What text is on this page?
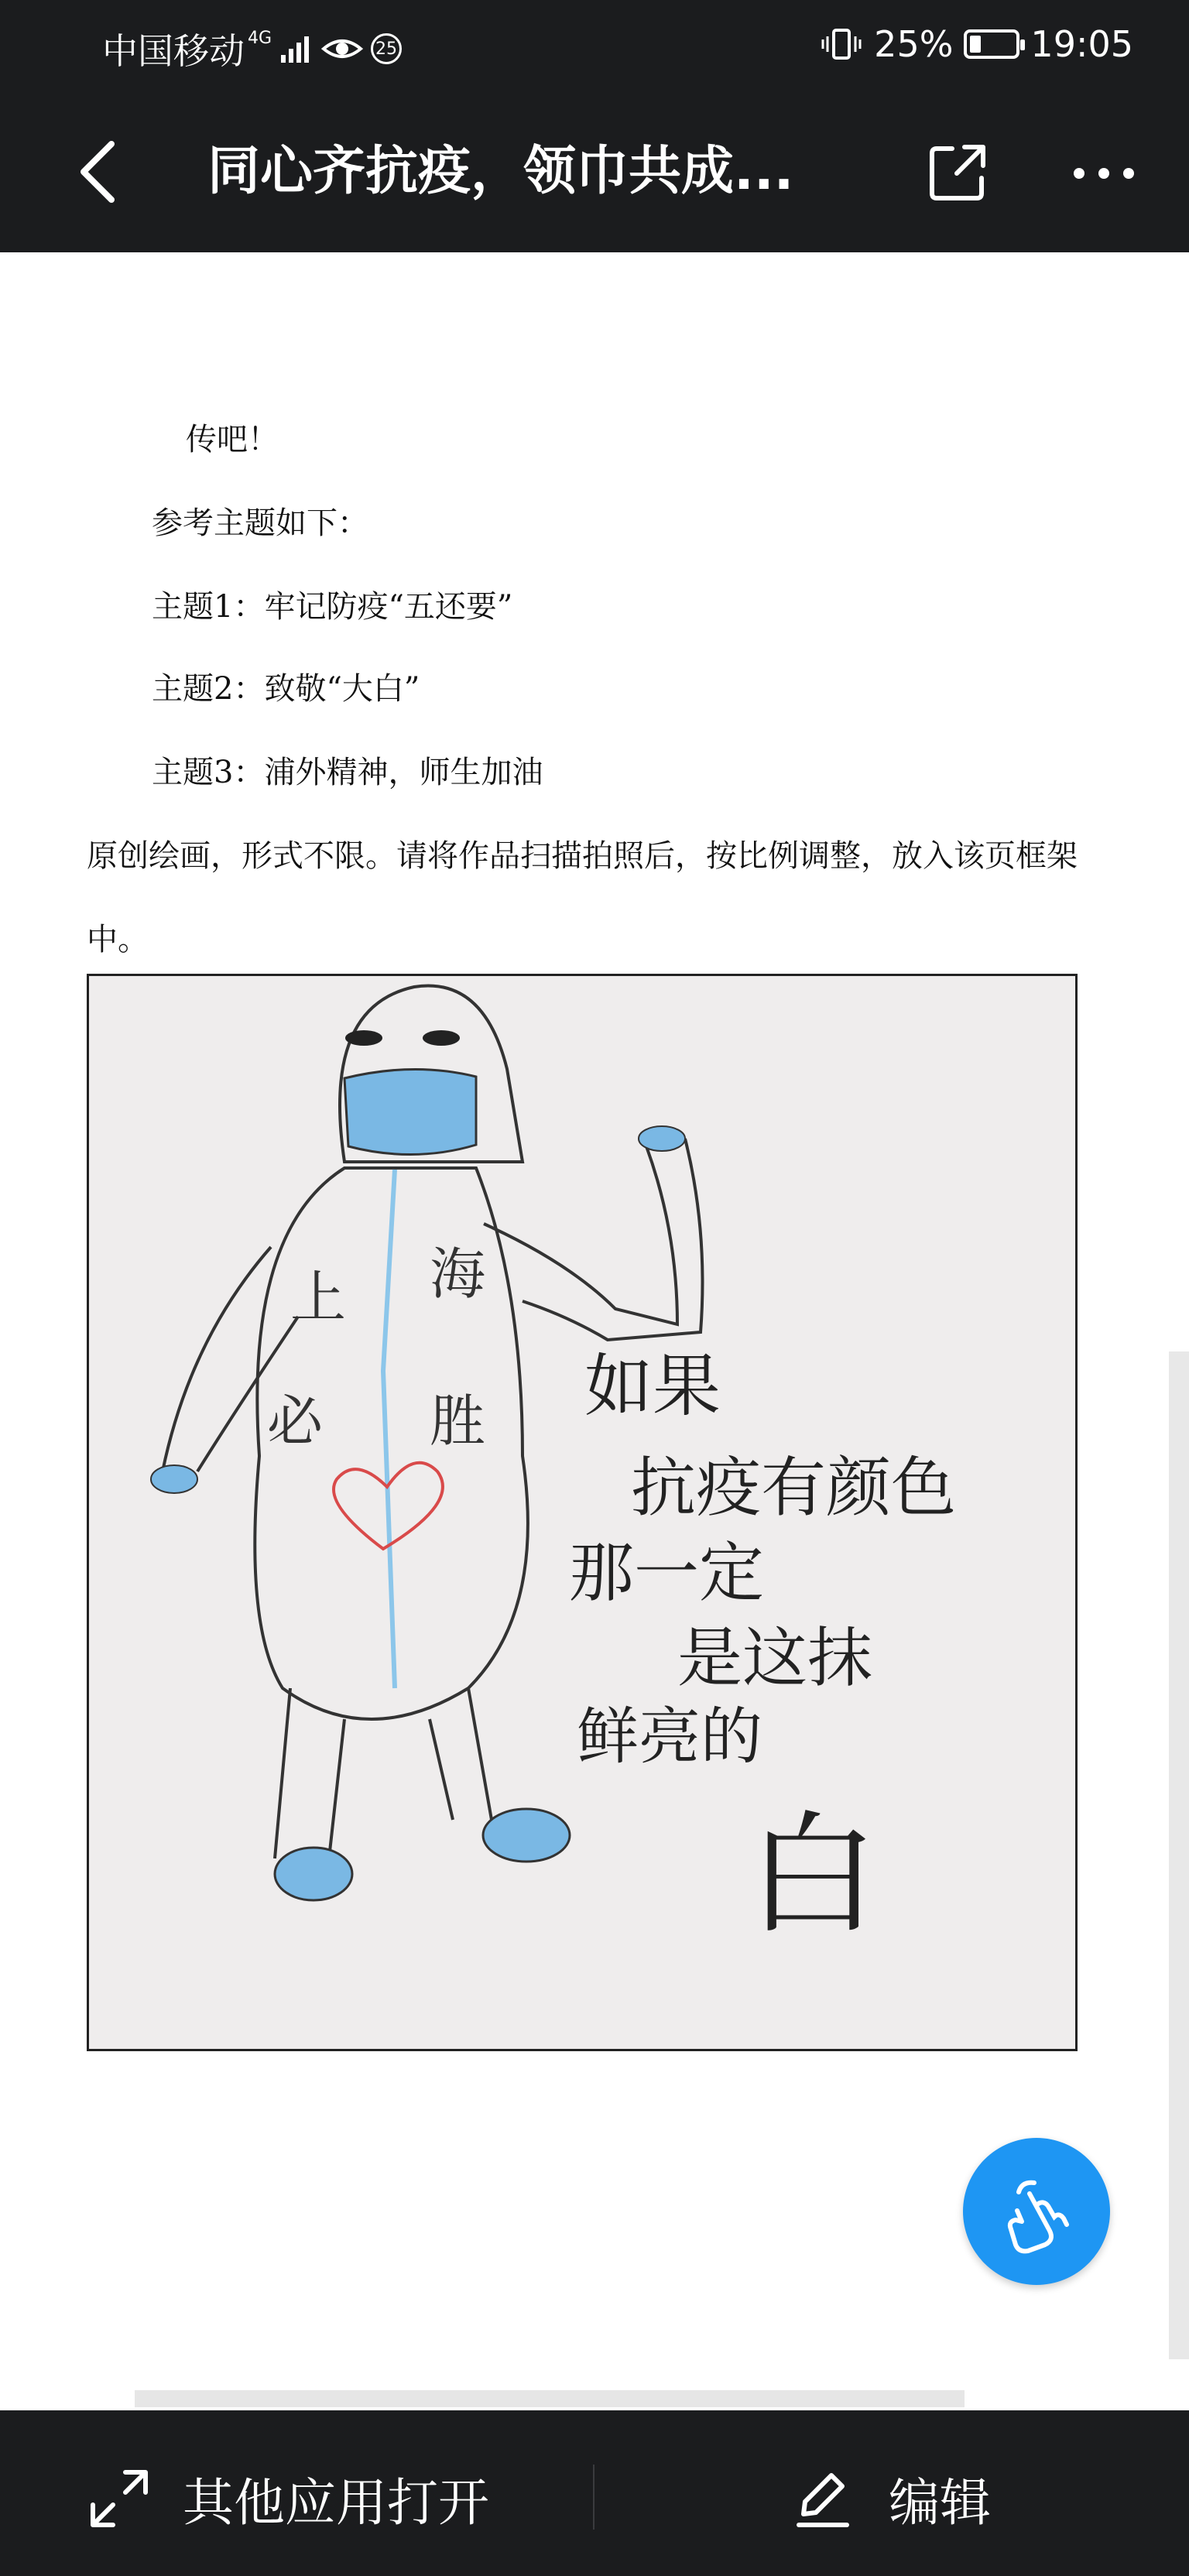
中国移动 4G
25	25% 19:05
同心齐抗疫，领巾共成...
传吧！
参考主题如下：
主题1：牢记防疫“五还要”
主题2：致敬“大白”
主题3：浦外精神，师生加油
原创绘画，形式不限。请将作品扫描拍照后，按比例调整，放入该页框架
中。
上 海
必 胜 如果
抗疫有颜色
那一定
是这抹
鲜亮的
白
其他应用打开	编辑
